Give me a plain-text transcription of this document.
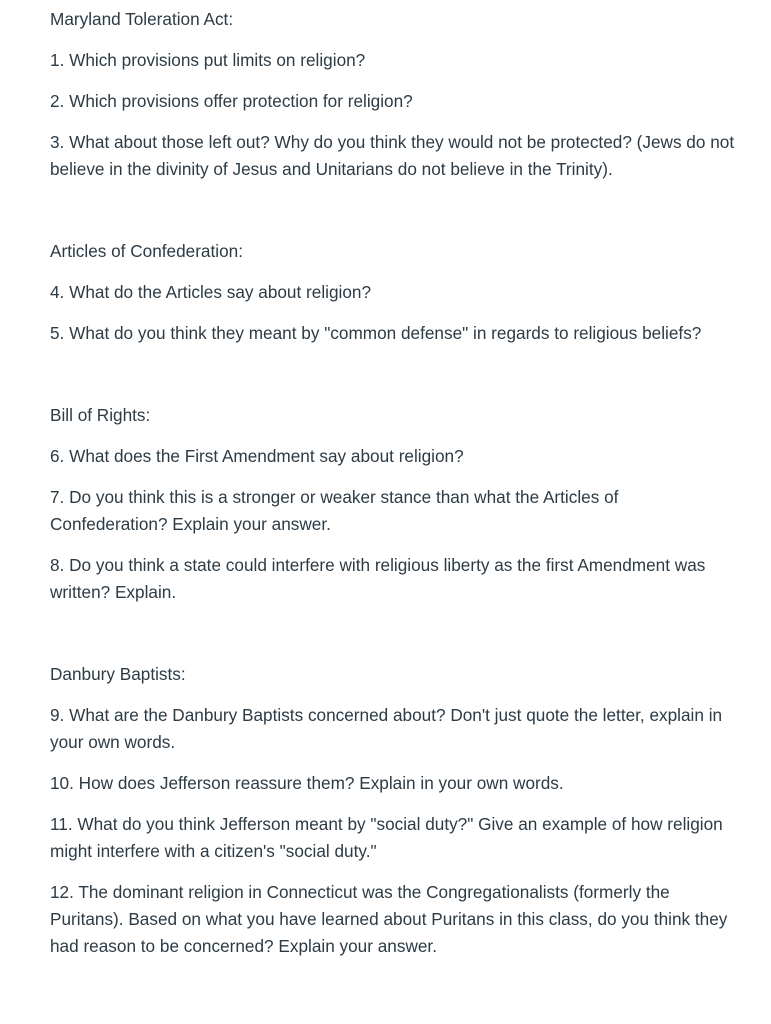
Maryland Toleration Act:

1. Which provisions put limits on religion?

2. Which provisions offer protection for religion?

3. What about those left out? Why do you think they would not be protected? (Jews do not believe in the divinity of Jesus and Unitarians do not believe in the Trinity).

Articles of Confederation:

4. What do the Articles say about religion?

5. What do you think they meant by "common defense" in regards to religious beliefs?

Bill of Rights:

6. What does the First Amendment say about religion?

7. Do you think this is a stronger or weaker stance than what the Articles of Confederation? Explain your answer.

8. Do you think a state could interfere with religious liberty as the first Amendment was written? Explain.

Danbury Baptists:

9. What are the Danbury Baptists concerned about? Don't just quote the letter, explain in your own words.

10. How does Jefferson reassure them? Explain in your own words.

11. What do you think Jefferson meant by "social duty?" Give an example of how religion might interfere with a citizen's "social duty."

12. The dominant religion in Connecticut was the Congregationalists (formerly the Puritans). Based on what you have learned about Puritans in this class, do you think they had reason to be concerned? Explain your answer.
